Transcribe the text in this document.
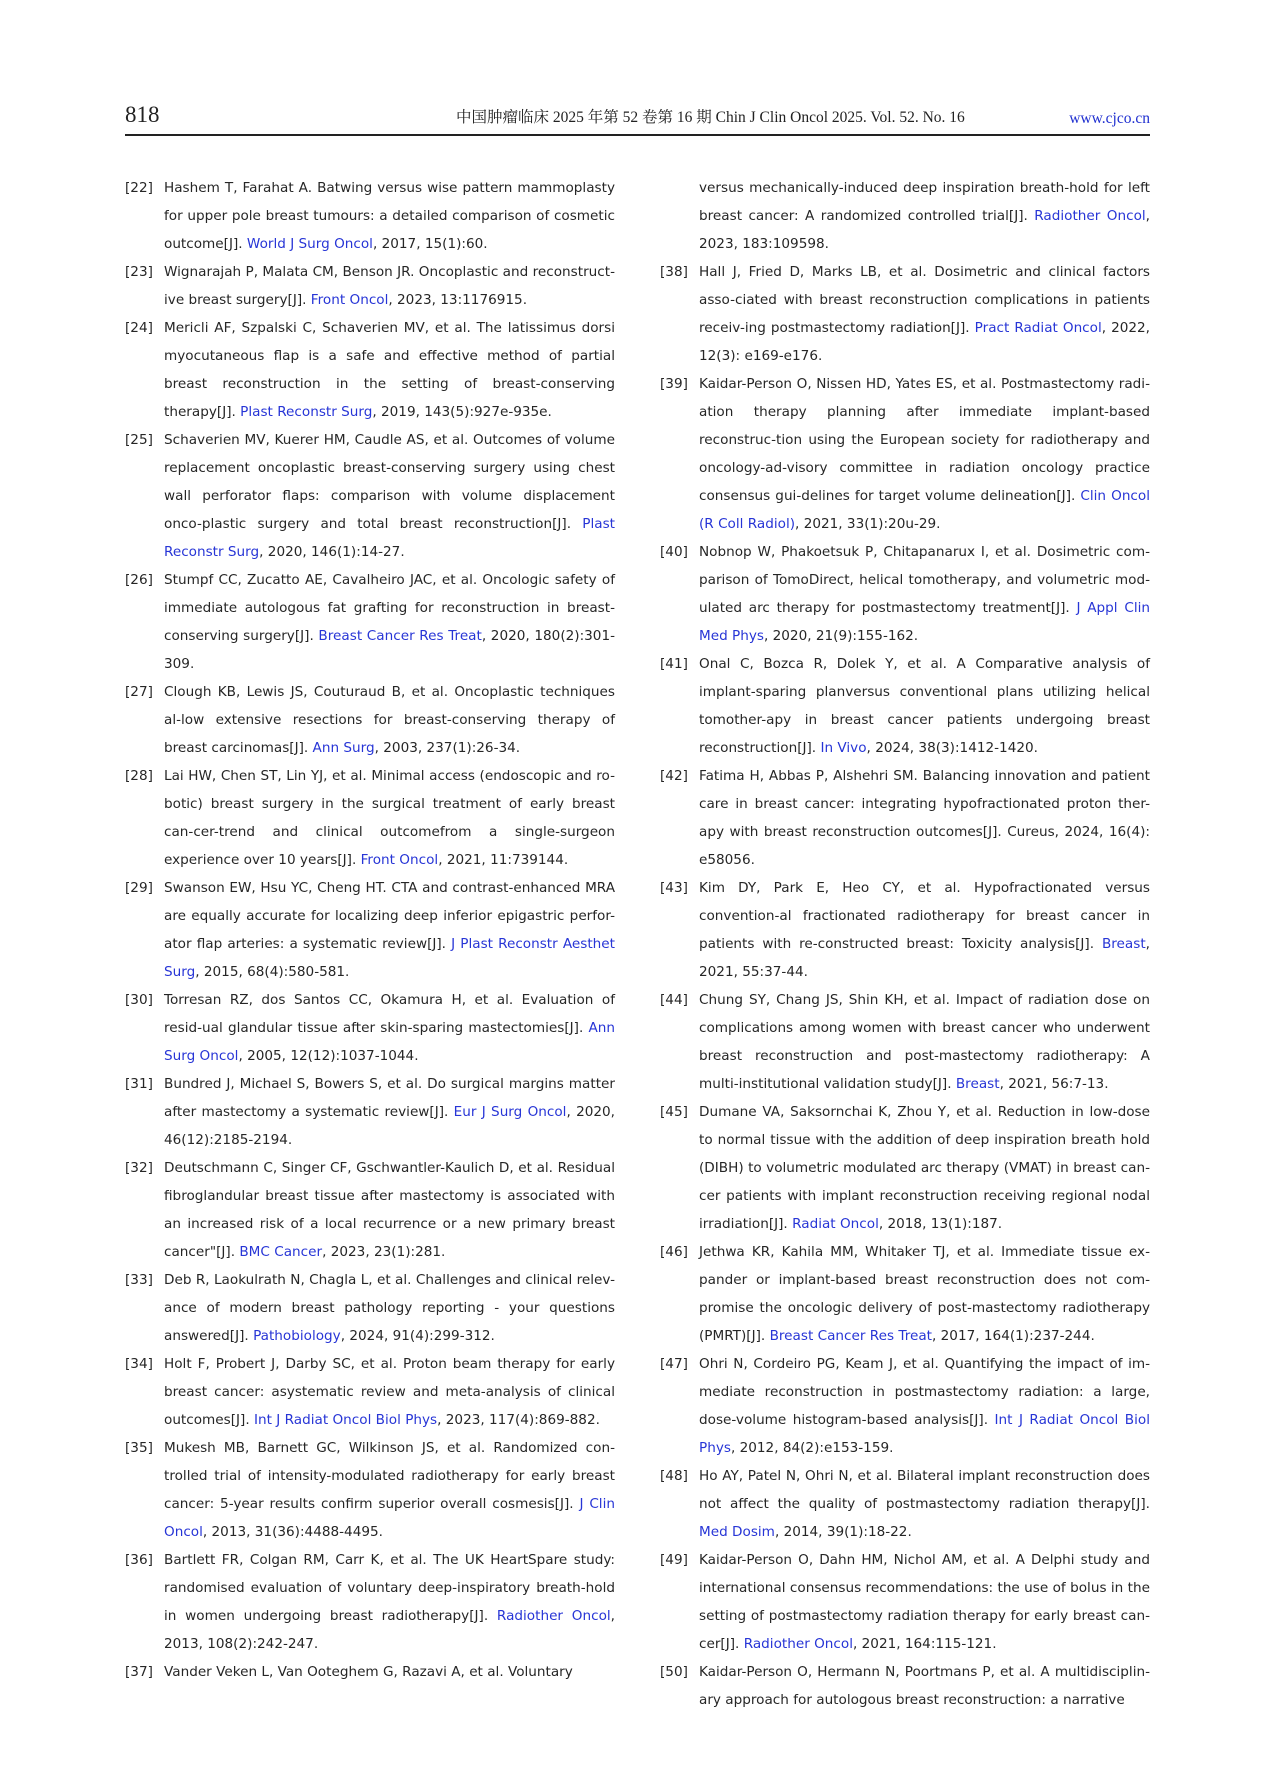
818	中国肿瘤临床 2025 年第 52 卷第 16 期 Chin J Clin Oncol 2025. Vol. 52. No. 16	www.cjco.cn
[22] Hashem T, Farahat A. Batwing versus wise pattern mammoplasty for upper pole breast tumours: a detailed comparison of cosmetic outcome[J]. World J Surg Oncol, 2017, 15(1):60.
[23] Wignarajah P, Malata CM, Benson JR. Oncoplastic and reconstruct-ive breast surgery[J]. Front Oncol, 2023, 13:1176915.
[24] Mericli AF, Szpalski C, Schaverien MV, et al. The latissimus dorsi myocutaneous flap is a safe and effective method of partial breast reconstruction in the setting of breast-conserving therapy[J]. Plast Reconstr Surg, 2019, 143(5):927e-935e.
[25] Schaverien MV, Kuerer HM, Caudle AS, et al. Outcomes of volume replacement oncoplastic breast-conserving surgery using chest wall perforator flaps: comparison with volume displacement onco-plastic surgery and total breast reconstruction[J]. Plast Reconstr Surg, 2020, 146(1):14-27.
[26] Stumpf CC, Zucatto AE, Cavalheiro JAC, et al. Oncologic safety of immediate autologous fat grafting for reconstruction in breast-conserving surgery[J]. Breast Cancer Res Treat, 2020, 180(2):301-309.
[27] Clough KB, Lewis JS, Couturaud B, et al. Oncoplastic techniques al-low extensive resections for breast-conserving therapy of breast carcinomas[J]. Ann Surg, 2003, 237(1):26-34.
[28] Lai HW, Chen ST, Lin YJ, et al. Minimal access (endoscopic and ro-botic) breast surgery in the surgical treatment of early breast can-cer-trend and clinical outcomefrom a single-surgeon experience over 10 years[J]. Front Oncol, 2021, 11:739144.
[29] Swanson EW, Hsu YC, Cheng HT. CTA and contrast-enhanced MRA are equally accurate for localizing deep inferior epigastric perfor-ator flap arteries: a systematic review[J]. J Plast Reconstr Aesthet Surg, 2015, 68(4):580-581.
[30] Torresan RZ, dos Santos CC, Okamura H, et al. Evaluation of resid-ual glandular tissue after skin-sparing mastectomies[J]. Ann Surg Oncol, 2005, 12(12):1037-1044.
[31] Bundred J, Michael S, Bowers S, et al. Do surgical margins matter after mastectomy a systematic review[J]. Eur J Surg Oncol, 2020, 46(12):2185-2194.
[32] Deutschmann C, Singer CF, Gschwantler-Kaulich D, et al. Residual fibroglandular breast tissue after mastectomy is associated with an increased risk of a local recurrence or a new primary breast cancer"[J]. BMC Cancer, 2023, 23(1):281.
[33] Deb R, Laokulrath N, Chagla L, et al. Challenges and clinical relev-ance of modern breast pathology reporting - your questions answered[J]. Pathobiology, 2024, 91(4):299-312.
[34] Holt F, Probert J, Darby SC, et al. Proton beam therapy for early breast cancer: asystematic review and meta-analysis of clinical outcomes[J]. Int J Radiat Oncol Biol Phys, 2023, 117(4):869-882.
[35] Mukesh MB, Barnett GC, Wilkinson JS, et al. Randomized con-trolled trial of intensity-modulated radiotherapy for early breast cancer: 5-year results confirm superior overall cosmesis[J]. J Clin Oncol, 2013, 31(36):4488-4495.
[36] Bartlett FR, Colgan RM, Carr K, et al. The UK HeartSpare study: randomised evaluation of voluntary deep-inspiratory breath-hold in women undergoing breast radiotherapy[J]. Radiother Oncol, 2013, 108(2):242-247.
[37] Vander Veken L, Van Ooteghem G, Razavi A, et al. Voluntary
versus mechanically-induced deep inspiration breath-hold for left breast cancer: A randomized controlled trial[J]. Radiother Oncol, 2023, 183:109598.
[38] Hall J, Fried D, Marks LB, et al. Dosimetric and clinical factors asso-ciated with breast reconstruction complications in patients receiv-ing postmastectomy radiation[J]. Pract Radiat Oncol, 2022, 12(3): e169-e176.
[39] Kaidar-Person O, Nissen HD, Yates ES, et al. Postmastectomy radi-ation therapy planning after immediate implant-based reconstruc-tion using the European society for radiotherapy and oncology-ad-visory committee in radiation oncology practice consensus gui-delines for target volume delineation[J]. Clin Oncol (R Coll Radiol), 2021, 33(1):20u-29.
[40] Nobnop W, Phakoetsuk P, Chitapanarux I, et al. Dosimetric com-parison of TomoDirect, helical tomotherapy, and volumetric mod-ulated arc therapy for postmastectomy treatment[J]. J Appl Clin Med Phys, 2020, 21(9):155-162.
[41] Onal C, Bozca R, Dolek Y, et al. A Comparative analysis of implant-sparing planversus conventional plans utilizing helical tomother-apy in breast cancer patients undergoing breast reconstruction[J]. In Vivo, 2024, 38(3):1412-1420.
[42] Fatima H, Abbas P, Alshehri SM. Balancing innovation and patient care in breast cancer: integrating hypofractionated proton ther-apy with breast reconstruction outcomes[J]. Cureus, 2024, 16(4): e58056.
[43] Kim DY, Park E, Heo CY, et al. Hypofractionated versus convention-al fractionated radiotherapy for breast cancer in patients with re-constructed breast: Toxicity analysis[J]. Breast, 2021, 55:37-44.
[44] Chung SY, Chang JS, Shin KH, et al. Impact of radiation dose on complications among women with breast cancer who underwent breast reconstruction and post-mastectomy radiotherapy: A multi-institutional validation study[J]. Breast, 2021, 56:7-13.
[45] Dumane VA, Saksornchai K, Zhou Y, et al. Reduction in low-dose to normal tissue with the addition of deep inspiration breath hold (DIBH) to volumetric modulated arc therapy (VMAT) in breast can-cer patients with implant reconstruction receiving regional nodal irradiation[J]. Radiat Oncol, 2018, 13(1):187.
[46] Jethwa KR, Kahila MM, Whitaker TJ, et al. Immediate tissue ex-pander or implant-based breast reconstruction does not com-promise the oncologic delivery of post-mastectomy radiotherapy (PMRT)[J]. Breast Cancer Res Treat, 2017, 164(1):237-244.
[47] Ohri N, Cordeiro PG, Keam J, et al. Quantifying the impact of im-mediate reconstruction in postmastectomy radiation: a large, dose-volume histogram-based analysis[J]. Int J Radiat Oncol Biol Phys, 2012, 84(2):e153-159.
[48] Ho AY, Patel N, Ohri N, et al. Bilateral implant reconstruction does not affect the quality of postmastectomy radiation therapy[J]. Med Dosim, 2014, 39(1):18-22.
[49] Kaidar-Person O, Dahn HM, Nichol AM, et al. A Delphi study and international consensus recommendations: the use of bolus in the setting of postmastectomy radiation therapy for early breast can-cer[J]. Radiother Oncol, 2021, 164:115-121.
[50] Kaidar-Person O, Hermann N, Poortmans P, et al. A multidisciplin-ary approach for autologous breast reconstruction: a narrative
